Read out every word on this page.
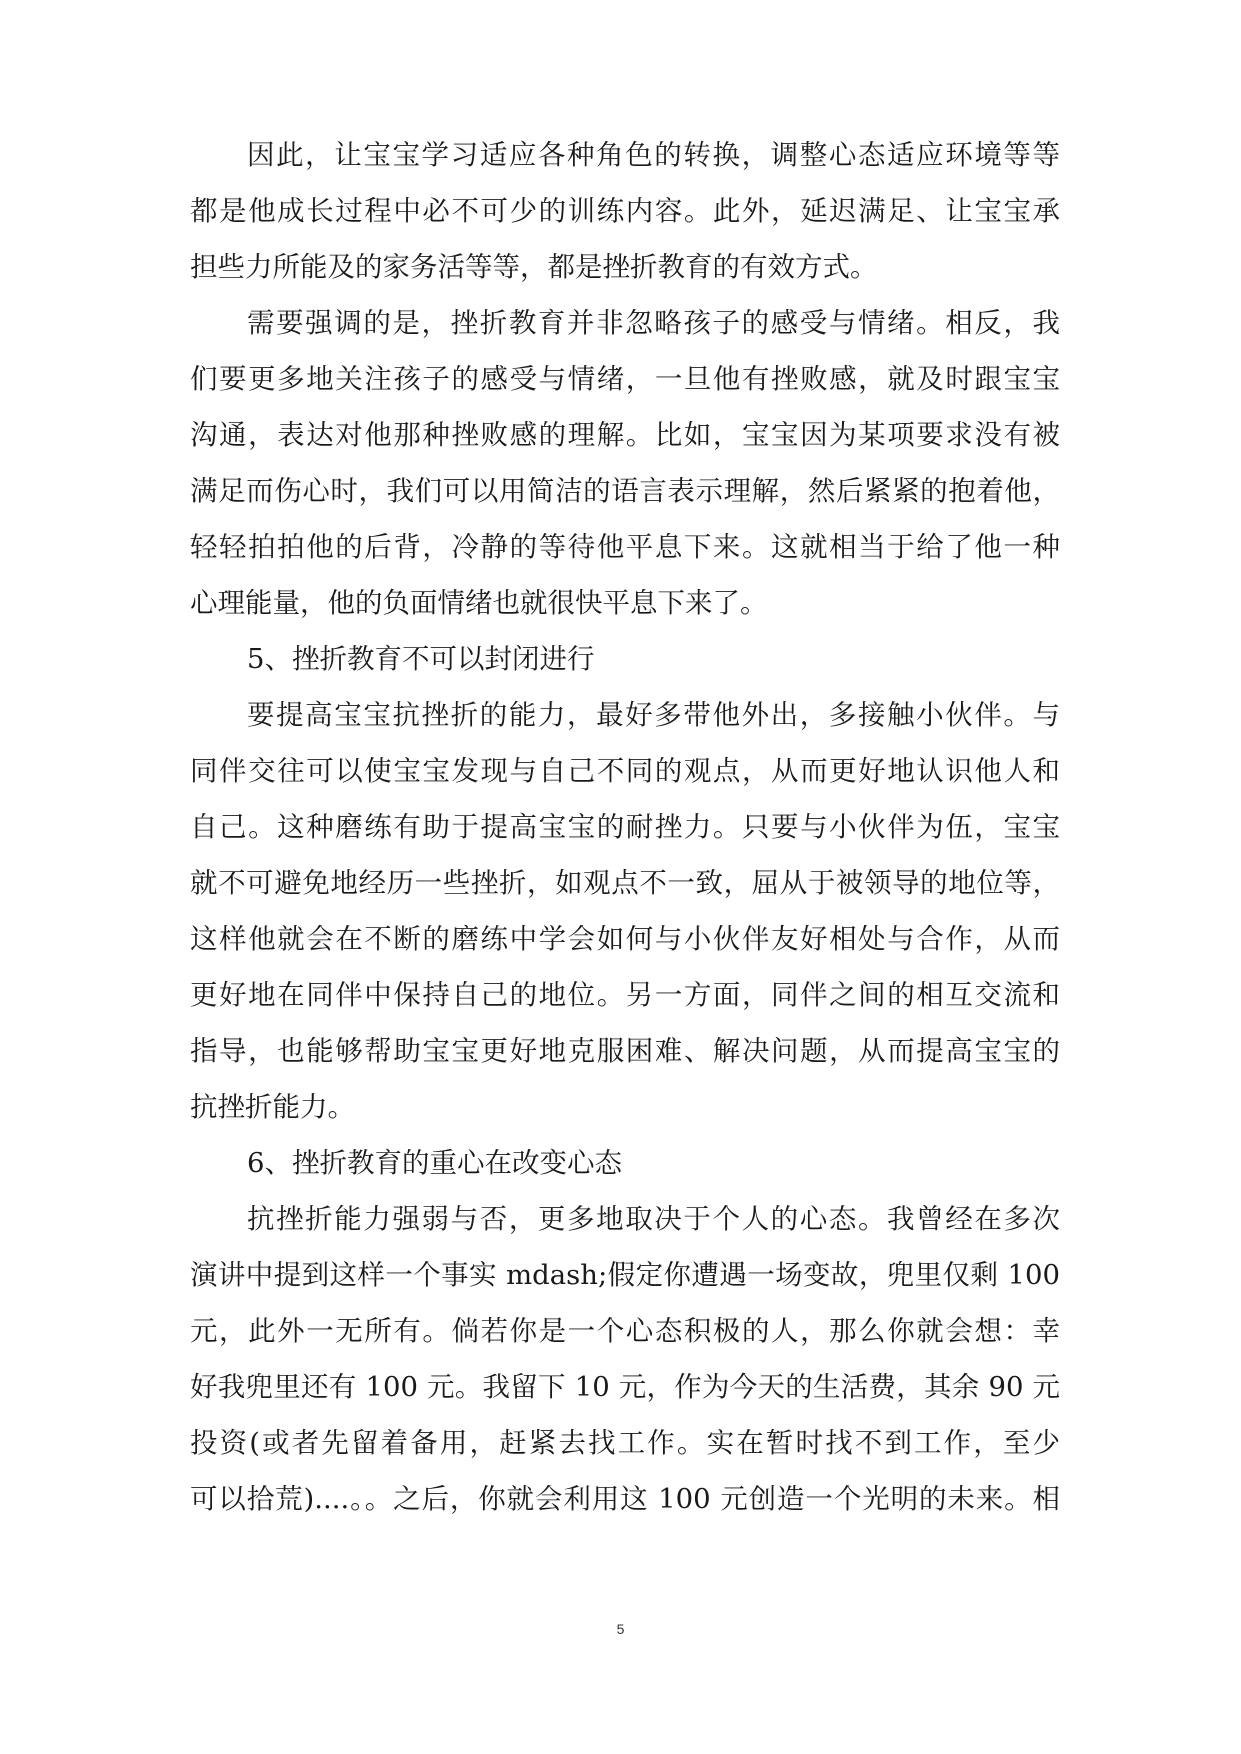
因此，让宝宝学习适应各种角色的转换，调整心态适应环境等等
都是他成长过程中必不可少的训练内容。此外，延迟满足、让宝宝承
担些力所能及的家务活等等，都是挫折教育的有效方式。
需要强调的是，挫折教育并非忽略孩子的感受与情绪。相反，我
们要更多地关注孩子的感受与情绪，一旦他有挫败感，就及时跟宝宝
沟通，表达对他那种挫败感的理解。比如，宝宝因为某项要求没有被
满足而伤心时，我们可以用简洁的语言表示理解，然后紧紧的抱着他，
轻轻拍拍他的后背，冷静的等待他平息下来。这就相当于给了他一种
心理能量，他的负面情绪也就很快平息下来了。
5、挫折教育不可以封闭进行
要提高宝宝抗挫折的能力，最好多带他外出，多接触小伙伴。与
同伴交往可以使宝宝发现与自己不同的观点，从而更好地认识他人和
自己。这种磨练有助于提高宝宝的耐挫力。只要与小伙伴为伍，宝宝
就不可避免地经历一些挫折，如观点不一致，屈从于被领导的地位等，
这样他就会在不断的磨练中学会如何与小伙伴友好相处与合作，从而
更好地在同伴中保持自己的地位。另一方面，同伴之间的相互交流和
指导，也能够帮助宝宝更好地克服困难、解决问题，从而提高宝宝的
抗挫折能力。
6、挫折教育的重心在改变心态
抗挫折能力强弱与否，更多地取决于个人的心态。我曾经在多次
演讲中提到这样一个事实 mdash;假定你遭遇一场变故，兜里仅剩 100
元，此外一无所有。倘若你是一个心态积极的人，那么你就会想：幸
好我兜里还有 100 元。我留下 10 元，作为今天的生活费，其余 90 元
投资(或者先留着备用，赶紧去找工作。实在暂时找不到工作，至少
可以拾荒)....。。之后，你就会利用这 100 元创造一个光明的未来。相
5
